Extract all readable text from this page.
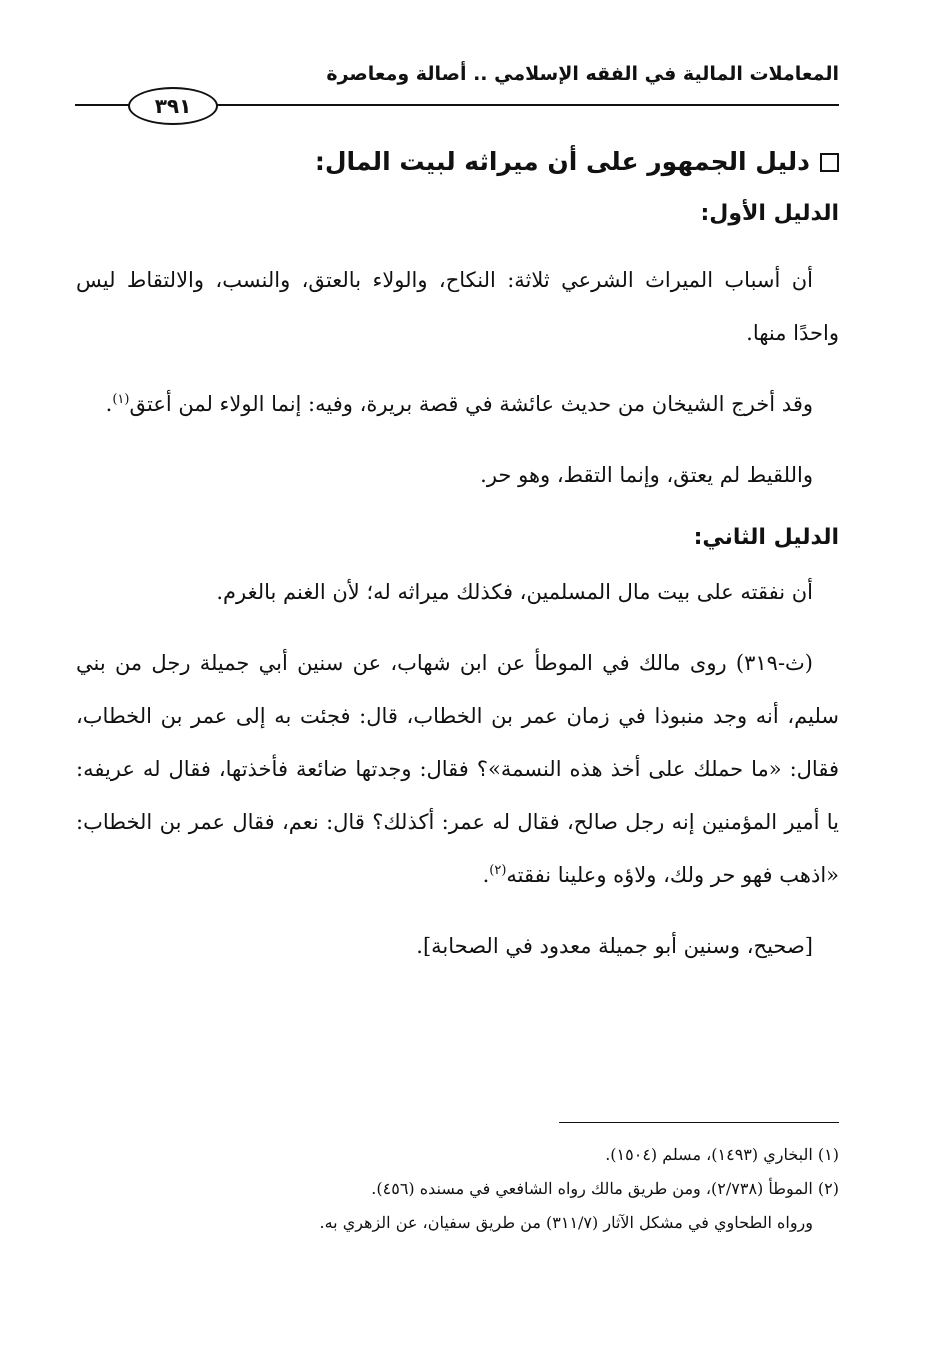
المعاملات المالية في الفقه الإسلامي .. أصالة ومعاصرة
٣٩١
دليل الجمهور على أن ميراثه لبيت المال:
الدليل الأول:

أن أسباب الميراث الشرعي ثلاثة: النكاح، والولاء بالعتق، والنسب، والالتقاط ليس واحدًا منها.

وقد أخرج الشيخان من حديث عائشة في قصة بريرة، وفيه: إنما الولاء لمن أعتق$^{(١)}$.

واللقيط لم يعتق، وإنما التقط، وهو حر.

الدليل الثاني:

أن نفقته على بيت مال المسلمين، فكذلك ميراثه له؛ لأن الغنم بالغرم.

(ث-٣١٩) روى مالك في الموطأ عن ابن شهاب، عن سنين أبي جميلة رجل من بني سليم، أنه وجد منبوذا في زمان عمر بن الخطاب، قال: فجئت به إلى عمر بن الخطاب، فقال: «ما حملك على أخذ هذه النسمة»؟ فقال: وجدتها ضائعة فأخذتها، فقال له عريفه: يا أمير المؤمنين إنه رجل صالح، فقال له عمر: أكذلك؟ قال: نعم، فقال عمر بن الخطاب: «اذهب فهو حر ولك، ولاؤه وعلينا نفقته$^{(٢)}$.

[صحيح، وسنين أبو جميلة معدود في الصحابة].

(١) البخاري (١٤٩٣)، مسلم (١٥٠٤).
(٢) الموطأ (٢/٧٣٨)، ومن طريق مالك رواه الشافعي في مسنده (٤٥٦).
ورواه الطحاوي في مشكل الآثار (٣١١/٧) من طريق سفيان، عن الزهري به.
